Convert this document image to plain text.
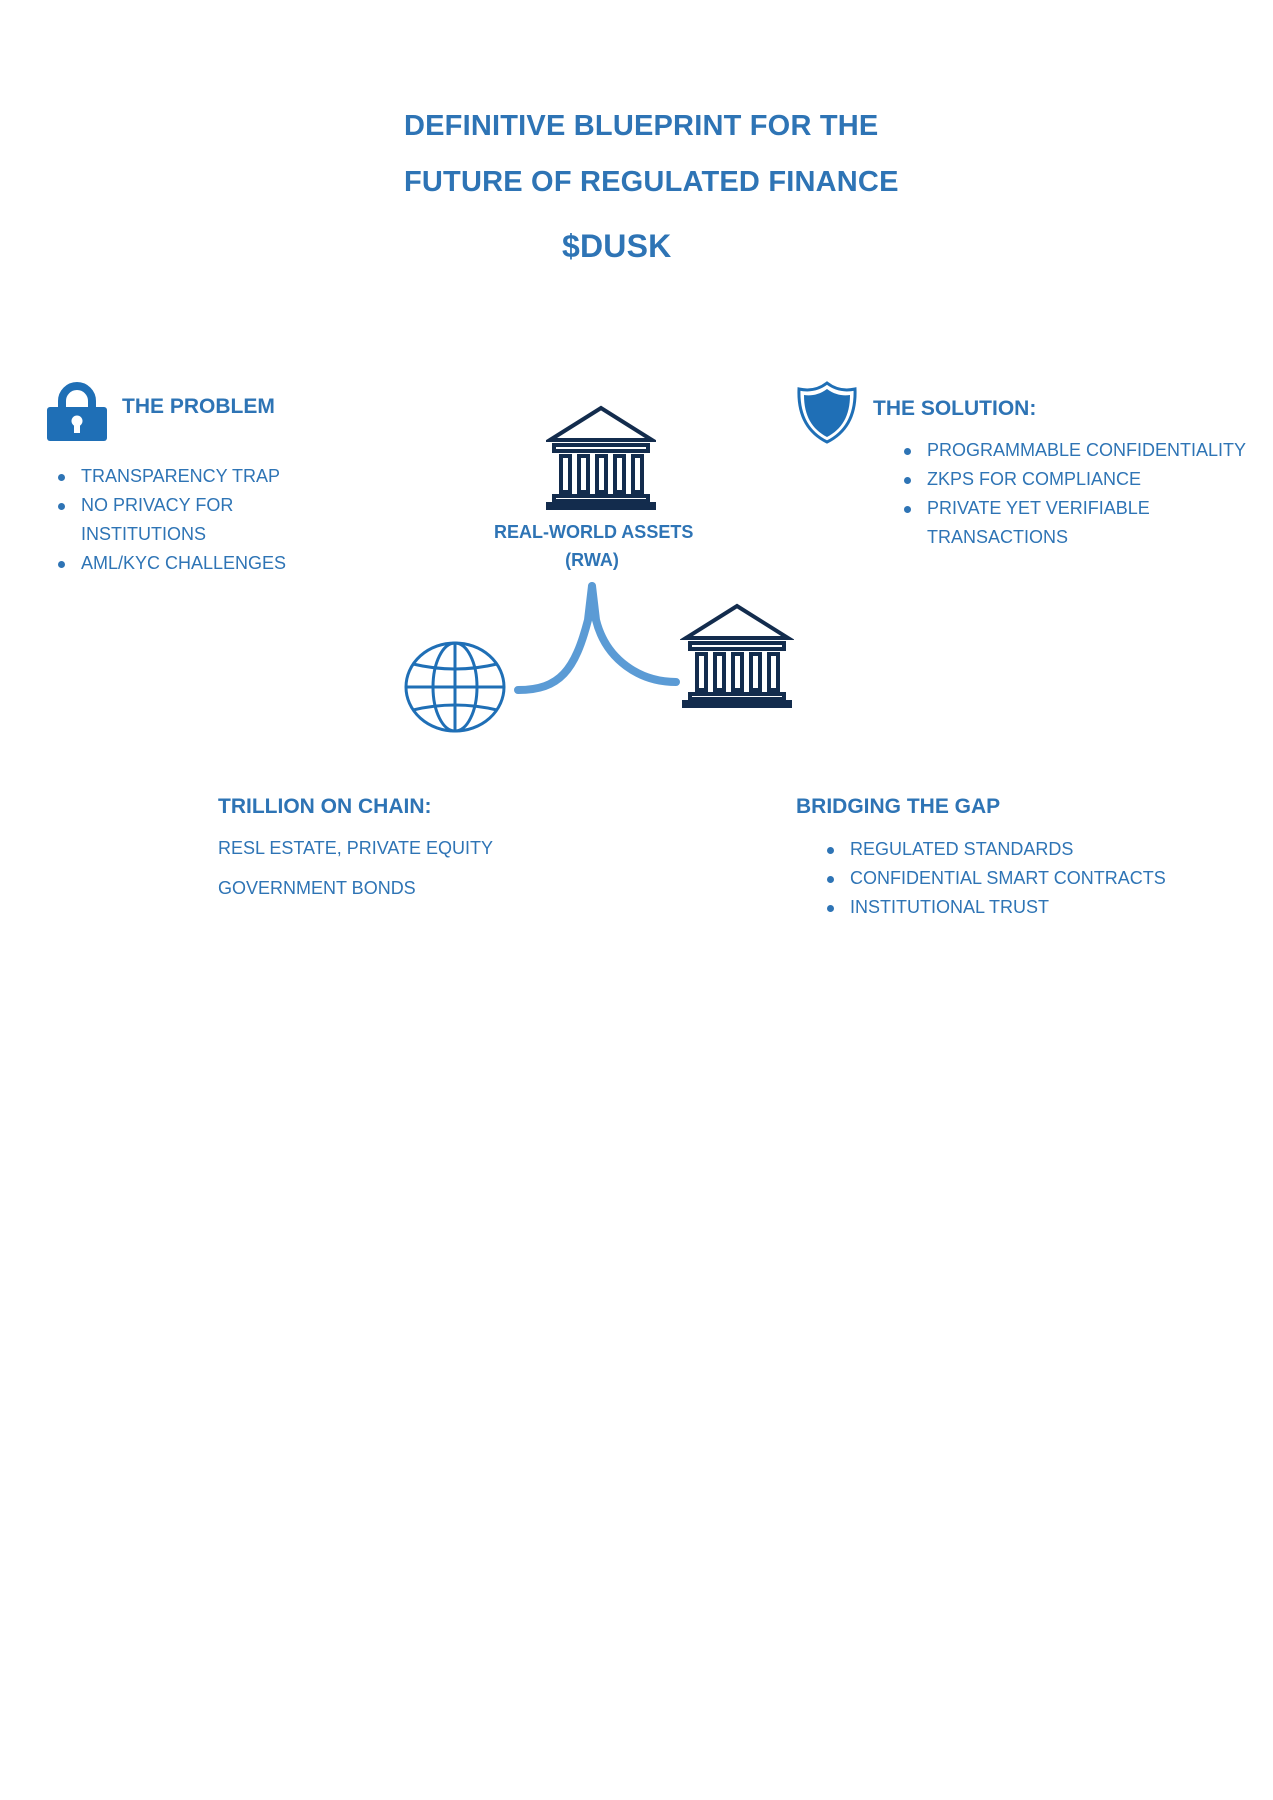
DEFINITIVE BLUEPRINT FOR THE
FUTURE OF REGULATED FINANCE
$DUSK
THE PROBLEM
TRANSPARENCY TRAP
NO PRIVACY FOR INSTITUTIONS
AML/KYC CHALLENGES
REAL-WORLD ASSETS
(RWA)
THE SOLUTION:
PROGRAMMABLE CONFIDENTIALITY
ZKPS FOR COMPLIANCE
PRIVATE YET VERIFIABLE TRANSACTIONS
TRILLION ON CHAIN:
RESL ESTATE, PRIVATE EQUITY
GOVERNMENT BONDS
BRIDGING THE GAP
REGULATED STANDARDS
CONFIDENTIAL SMART CONTRACTS
INSTITUTIONAL TRUST
